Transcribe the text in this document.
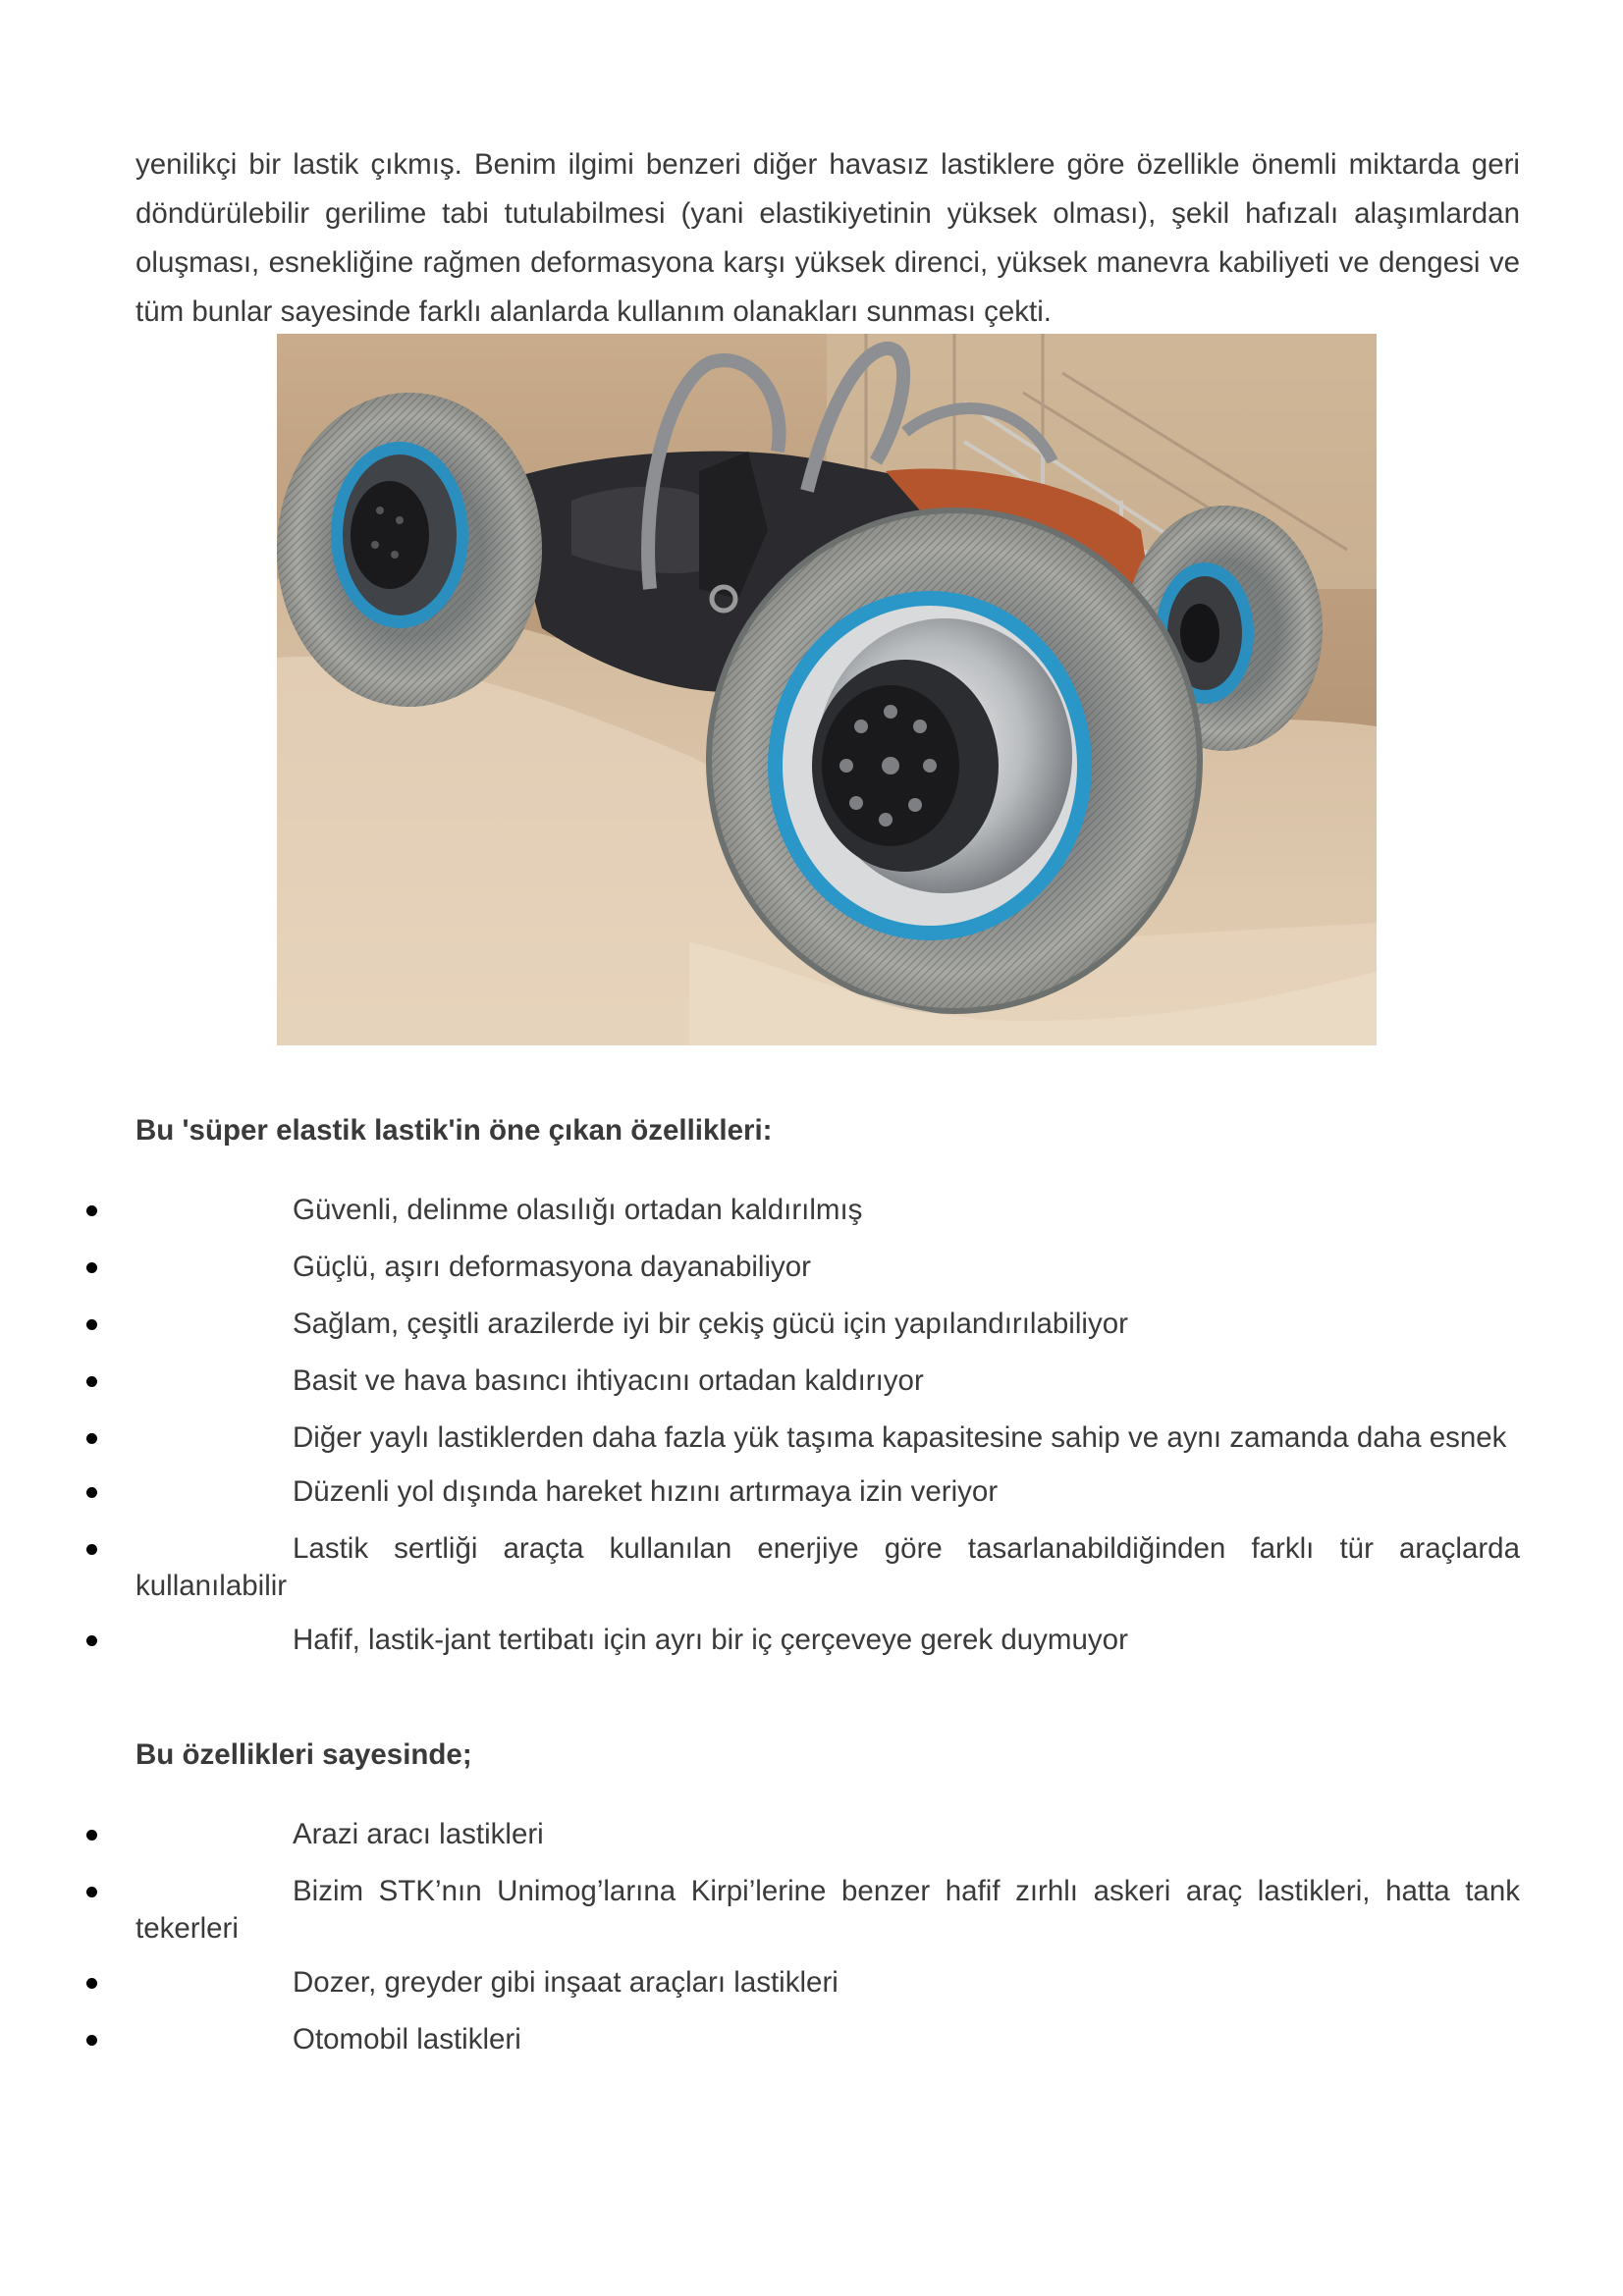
yenilikçi bir lastik çıkmış. Benim ilgimi benzeri diğer havasız lastiklere göre özellikle önemli miktarda geri döndürülebilir gerilime tabi tutulabilmesi (yani elastikiyetinin yüksek olması), şekil hafızalı alaşımlardan oluşması, esnekliğine rağmen deformasyona karşı yüksek direnci, yüksek manevra kabiliyeti ve dengesi ve tüm bunlar sayesinde farklı alanlarda kullanım olanakları sunması çekti.

Bu 'süper elastik lastik'in öne çıkan özellikleri:

Güvenli, delinme olasılığı ortadan kaldırılmış
Güçlü, aşırı deformasyona dayanabiliyor
Sağlam, çeşitli arazilerde iyi bir çekiş gücü için yapılandırılabiliyor
Basit ve hava basıncı ihtiyacını ortadan kaldırıyor
Diğer yaylı lastiklerden daha fazla yük taşıma kapasitesine sahip ve aynı zamanda daha esnek
Düzenli yol dışında hareket hızını artırmaya izin veriyor
Lastik sertliği araçta kullanılan enerjiye göre tasarlanabildiğinden farklı tür araçlarda kullanılabilir
Hafif, lastik-jant tertibatı için ayrı bir iç çerçeveye gerek duymuyor

Bu özellikleri sayesinde;

Arazi aracı lastikleri
Bizim STK’nın Unimog’larına Kirpi’lerine benzer hafif zırhlı askeri araç lastikleri, hatta tank tekerleri
Dozer, greyder gibi inşaat araçları lastikleri
Otomobil lastikleri
